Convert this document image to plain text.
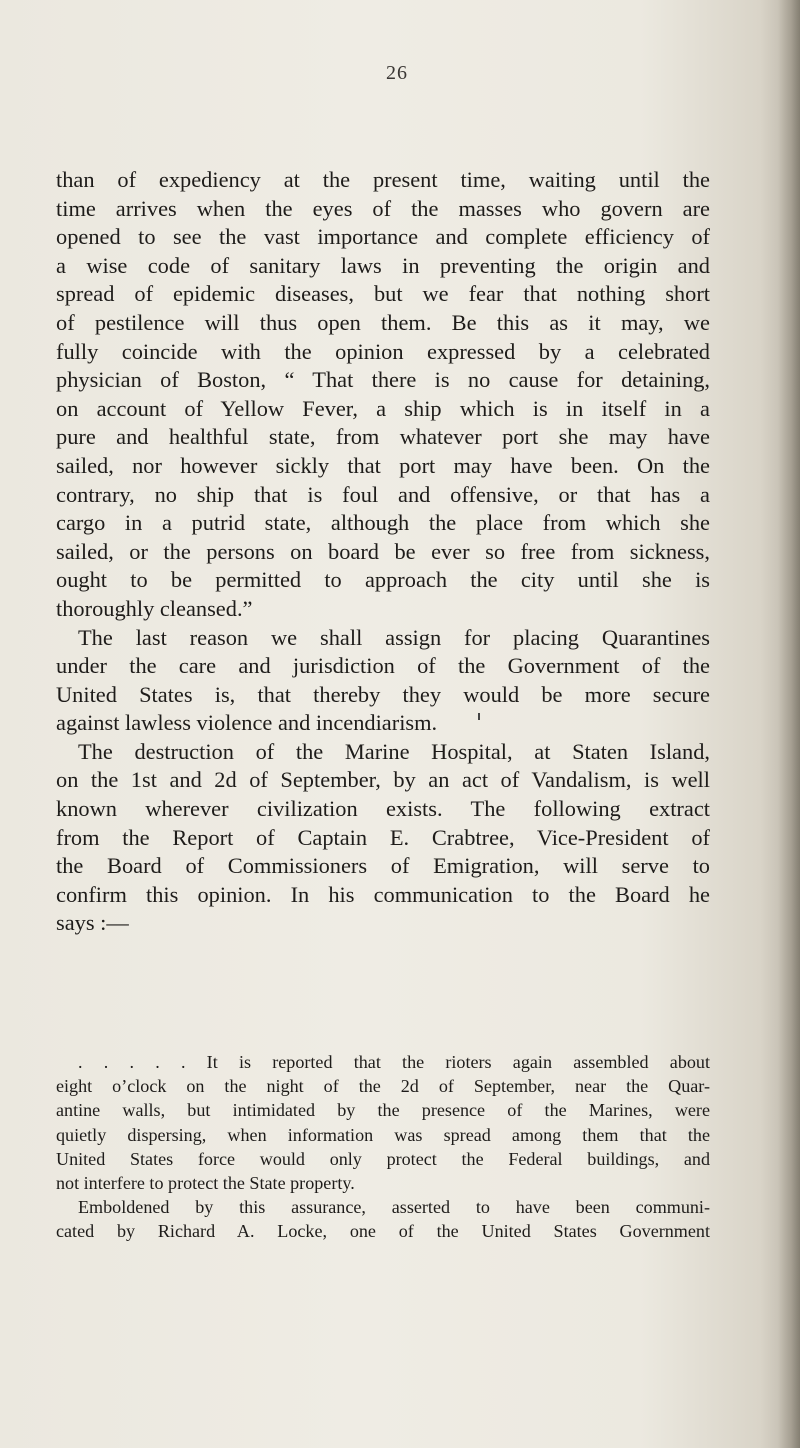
26
than of expediency at the present time, waiting until the
time arrives when the eyes of the masses who govern are
opened to see the vast importance and complete efficiency of
a wise code of sanitary laws in preventing the origin and
spread of epidemic diseases, but we fear that nothing short
of pestilence will thus open them. Be this as it may, we
fully coincide with the opinion expressed by a celebrated
physician of Boston, “ That there is no cause for detaining,
on account of Yellow Fever, a ship which is in itself in a
pure and healthful state, from whatever port she may have
sailed, nor however sickly that port may have been. On the
contrary, no ship that is foul and offensive, or that has a
cargo in a putrid state, although the place from which she
sailed, or the persons on board be ever so free from sickness,
ought to be permitted to approach the city until she is
thoroughly cleansed.”
The last reason we shall assign for placing Quarantines
under the care and jurisdiction of the Government of the
United States is, that thereby they would be more secure
against lawless violence and incendiarism.
The destruction of the Marine Hospital, at Staten Island,
on the 1st and 2d of September, by an act of Vandalism, is well
known wherever civilization exists. The following extract
from the Report of Captain E. Crabtree, Vice-President of
the Board of Commissioners of Emigration, will serve to
confirm this opinion. In his communication to the Board he
says :—
. . . . . It is reported that the rioters again assembled about
eight o’clock on the night of the 2d of September, near the Quar-
antine walls, but intimidated by the presence of the Marines, were
quietly dispersing, when information was spread among them that the
United States force would only protect the Federal buildings, and
not interfere to protect the State property.
Emboldened by this assurance, asserted to have been communi-
cated by Richard A. Locke, one of the United States Government
